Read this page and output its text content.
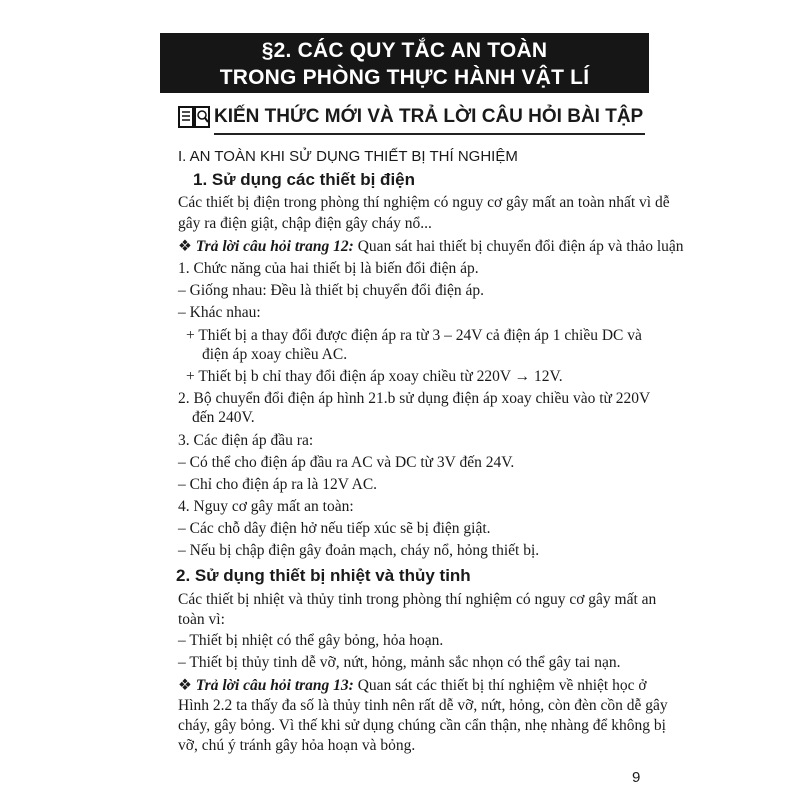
§2. CÁC QUY TẮC AN TOÀN
TRONG PHÒNG THỰC HÀNH VẬT LÍ
KIẾN THỨC MỚI VÀ TRẢ LỜI CÂU HỎI BÀI TẬP
I. AN TOÀN KHI SỬ DỤNG THIẾT BỊ THÍ NGHIỆM
1. Sử dụng các thiết bị điện
Các thiết bị điện trong phòng thí nghiệm có nguy cơ gây mất an toàn nhất vì dễ
gây ra điện giật, chập điện gây cháy nổ...
❖ Trả lời câu hỏi trang 12: Quan sát hai thiết bị chuyển đổi điện áp và thảo luận
1. Chức năng của hai thiết bị là biến đổi điện áp.
– Giống nhau: Đều là thiết bị chuyển đổi điện áp.
– Khác nhau:
+ Thiết bị a thay đổi được điện áp ra từ 3 – 24V cả điện áp 1 chiều DC và
điện áp xoay chiều AC.
+ Thiết bị b chỉ thay đổi điện áp xoay chiều từ 220V → 12V.
2. Bộ chuyển đổi điện áp hình 21.b sử dụng điện áp xoay chiều vào từ 220V
đến 240V.
3. Các điện áp đầu ra:
– Có thể cho điện áp đầu ra AC và DC từ 3V đến 24V.
– Chỉ cho điện áp ra là 12V AC.
4. Nguy cơ gây mất an toàn:
– Các chỗ dây điện hở nếu tiếp xúc sẽ bị điện giật.
– Nếu bị chập điện gây đoản mạch, cháy nổ, hỏng thiết bị.
2. Sử dụng thiết bị nhiệt và thủy tinh
Các thiết bị nhiệt và thủy tinh trong phòng thí nghiệm có nguy cơ gây mất an
toàn vì:
– Thiết bị nhiệt có thể gây bỏng, hỏa hoạn.
– Thiết bị thủy tinh dễ vỡ, nứt, hỏng, mảnh sắc nhọn có thể gây tai nạn.
❖ Trả lời câu hỏi trang 13: Quan sát các thiết bị thí nghiệm về nhiệt học ở
Hình 2.2 ta thấy đa số là thủy tinh nên rất dễ vỡ, nứt, hỏng, còn đèn cồn dễ gây
cháy, gây bỏng. Vì thế khi sử dụng chúng cần cẩn thận, nhẹ nhàng để không bị
vỡ, chú ý tránh gây hỏa hoạn và bỏng.
9
